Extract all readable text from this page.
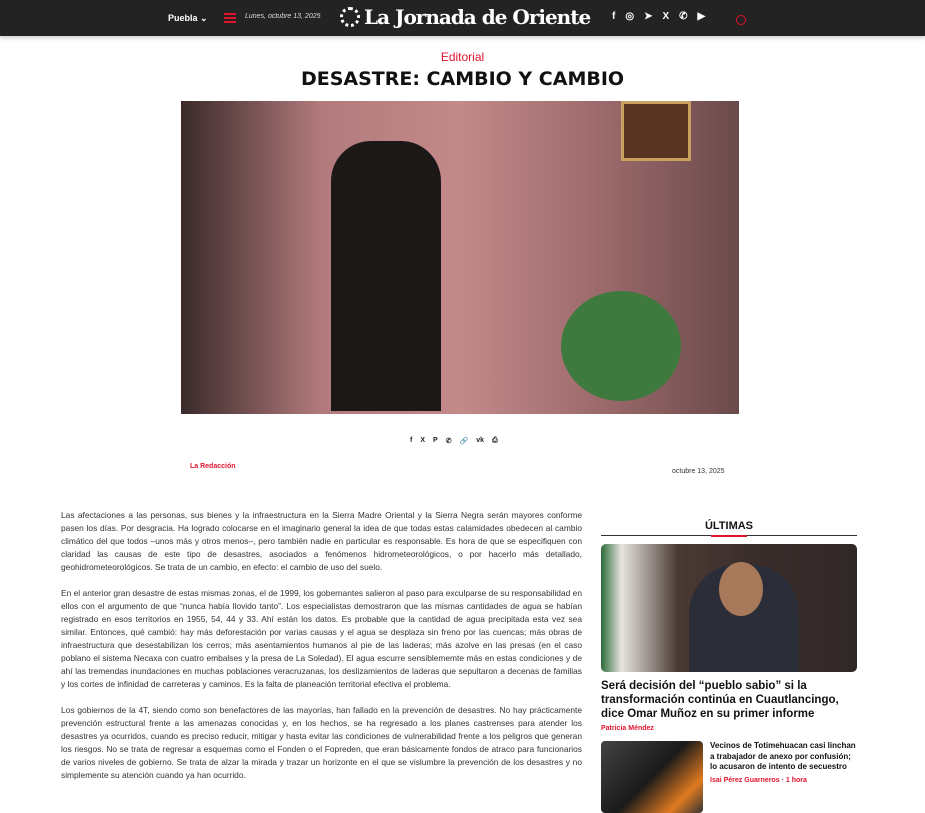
Puebla ⌄	Lunes, octubre 13, 2025 La Jornada de Oriente f ◎ ➤ X ✆ ▶
Editorial
DESASTRE: CAMBIO Y CAMBIO
f X P ✆ 🔗 vk ⎙
La Redacción
octubre 13, 2025

Las afectaciones a las personas, sus bienes y la infraestructura en la Sierra Madre Oriental y la Sierra Negra serán mayores conforme pasen los días. Por desgracia. Ha logrado colocarse en el imaginario general la idea de que todas estas calamidades obedecen al cambio climático del que todos –unos más y otros menos–, pero también nadie en particular es responsable. Es hora de que se especifiquen con claridad las causas de este tipo de desastres, asociados a fenómenos hidrometeorológicos, o por hacerlo más detallado, geohidrometeorológicos. Se trata de un cambio, en efecto: el cambio de uso del suelo.

En el anterior gran desastre de estas mismas zonas, el de 1999, los gobernantes salieron al paso para exculparse de su responsabilidad en ellos con el argumento de que “nunca había llovido tanto”. Los especialistas demostraron que las mismas cantidades de agua se habían registrado en esos territorios en 1955, 54, 44 y 33. Ahí están los datos. Es probable que la cantidad de agua precipitada esta vez sea similar. Entonces, qué cambió: hay más deforestación por varias causas y el agua se desplaza sin freno por las cuencas; más obras de infraestructura que desestabilizan los cerros; más asentamientos humanos al pie de las laderas; más azolve en las presas (en el caso poblano el sistema Necaxa con cuatro embalses y la presa de La Soledad). El agua escurre sensiblememte más en estas condiciones y de ahí las tremendas inundaciones en muchas poblaciones veracruzanas, los deslizamientos de laderas que sepultaron a decenas de familias y los cortes de infinidad de carreteras y caminos. Es la falta de planeación territorial efectiva el problema.

Los gobiernos de la 4T, siendo como son benefactores de las mayorías, han fallado en la prevención de desastres. No hay prácticamente prevención estructural frente a las amenazas conocidas y, en los hechos, se ha regresado a los planes castrenses para atender los desastres ya ocurridos, cuando es preciso reducir, mitigar y hasta evitar las condiciones de vulnerabilidad frente a los peligros que generan los riesgos. No se trata de regresar a esquemas como el Fonden o el Fopreden, que eran básicamente fondos de atraco para funcionarios de varios niveles de gobierno. Se trata de alzar la mirada y trazar un horizonte en el que se vislumbre la prevención de los desastres y no simplemente su atención cuando ya han ocurrido.

ÚLTIMAS
Será decisión del “pueblo sabio” si la transformación continúa en Cuautlancingo, dice Omar Muñoz en su primer informe
Patricia Méndez
Vecinos de Totimehuacan casi linchan a trabajador de anexo por confusión; lo acusaron de intento de secuestro
Isai Pérez Guarneros · 1 hora
